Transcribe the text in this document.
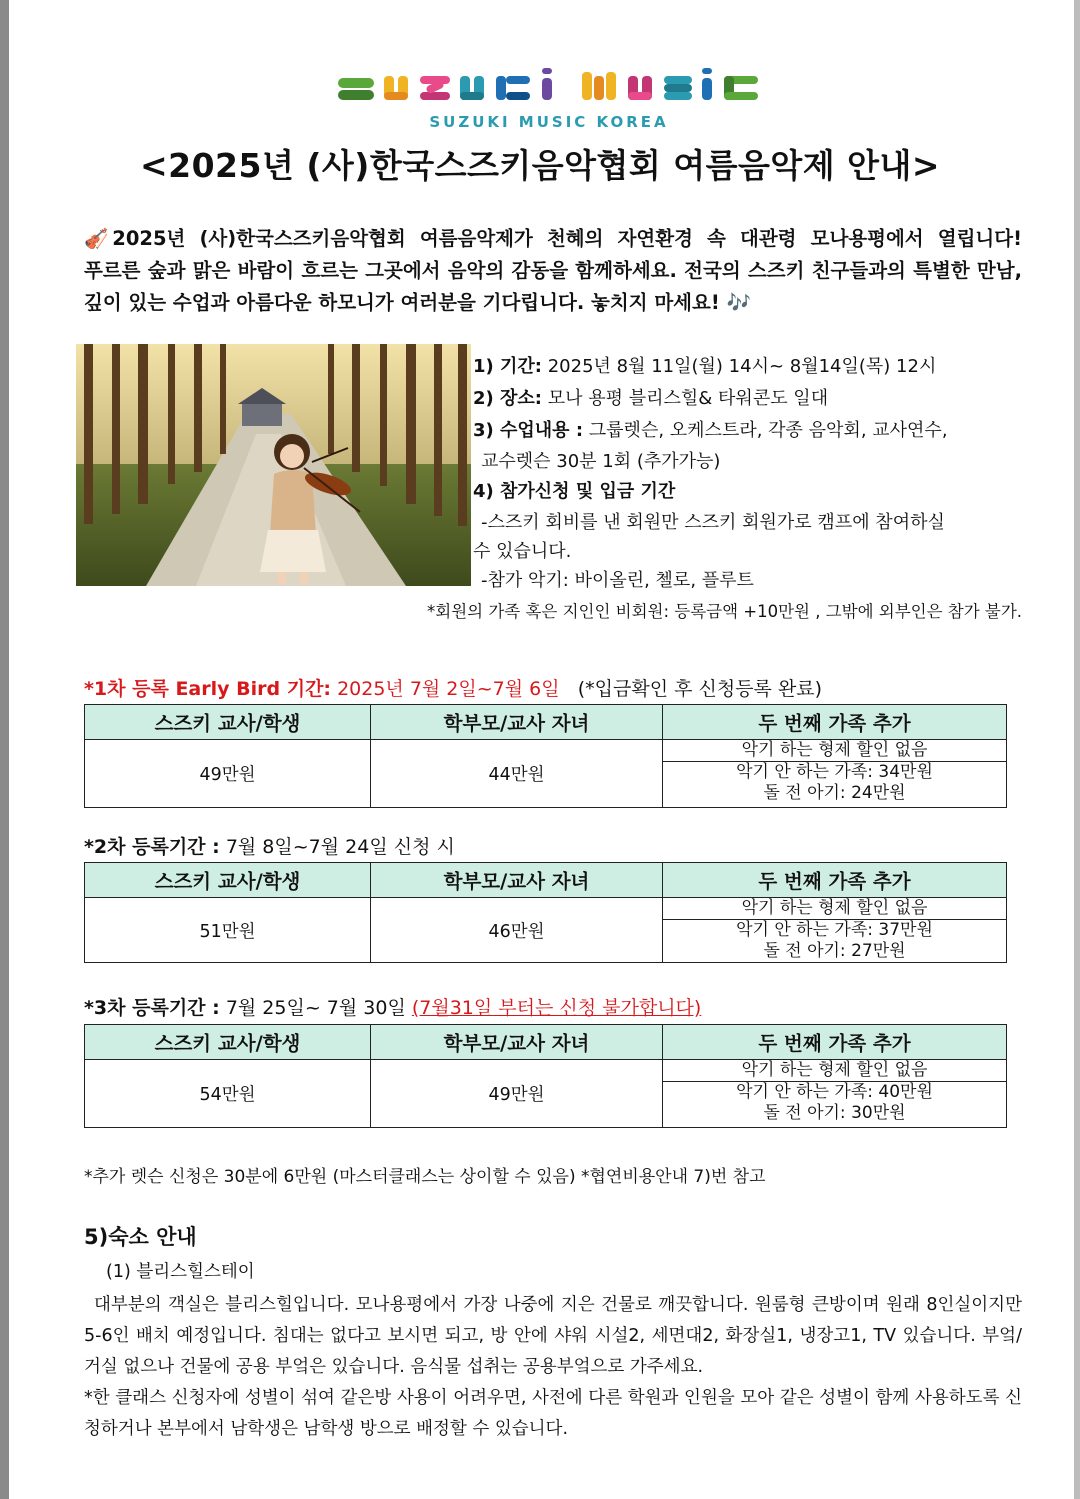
SUZUKI MUSIC KOREA
<2025년 (사)한국스즈키음악협회 여름음악제 안내>
🎻 2025년 (사)한국스즈키음악협회 여름음악제가 천혜의 자연환경 속 대관령 모나용평에서 열립니다! 푸르른 숲과 맑은 바람이 흐르는 그곳에서 음악의 감동을 함께하세요. 전국의 스즈키 친구들과의 특별한 만남, 깊이 있는 수업과 아름다운 하모니가 여러분을 기다립니다. 놓치지 마세요! 🎶
1) 기간: 2025년 8월 11일(월) 14시~ 8월14일(목) 12시
2) 장소: 모나 용평 블리스힐& 타워콘도 일대
3) 수업내용 : 그룹렛슨, 오케스트라, 각종 음악회, 교사연수,
교수렛슨 30분 1회 (추가가능)
4) 참가신청 및 입금 기간
-스즈키 회비를 낸 회원만 스즈키 회원가로 캠프에 참여하실
수 있습니다.
-참가 악기: 바이올린, 첼로, 플루트
*회원의 가족 혹은 지인인 비회원: 등록금액 +10만원 , 그밖에 외부인은 참가 불가.
*1차 등록 Early Bird 기간: 2025년 7월 2일~7월 6일 (*입금확인 후 신청등록 완료)
스즈키 교사/학생	학부모/교사 자녀	두 번째 가족 추가
49만원	44만원	악기 하는 형제 할인 없음
악기 안 하는 가족: 34만원
돌 전 아기: 24만원
*2차 등록기간 : 7월 8일~7월 24일 신청 시
스즈키 교사/학생	학부모/교사 자녀	두 번째 가족 추가
51만원	46만원	악기 하는 형제 할인 없음
악기 안 하는 가족: 37만원
돌 전 아기: 27만원
*3차 등록기간 : 7월 25일~ 7월 30일 (7월31일 부터는 신청 불가합니다)
스즈키 교사/학생	학부모/교사 자녀	두 번째 가족 추가
54만원	49만원	악기 하는 형제 할인 없음
악기 안 하는 가족: 40만원
돌 전 아기: 30만원
*추가 렛슨 신청은 30분에 6만원 (마스터클래스는 상이할 수 있음) *협연비용안내 7)번 참고
5)숙소 안내
(1) 블리스힐스테이
대부분의 객실은 블리스힐입니다. 모나용평에서 가장 나중에 지은 건물로 깨끗합니다. 원룸형 큰방이며 원래 8인실이지만 5-6인 배치 예정입니다. 침대는 없다고 보시면 되고, 방 안에 샤워 시설2, 세면대2, 화장실1, 냉장고1, TV 있습니다. 부엌/거실 없으나 건물에 공용 부엌은 있습니다. 음식물 섭취는 공용부엌으로 가주세요.
*한 클래스 신청자에 성별이 섞여 같은방 사용이 어려우면, 사전에 다른 학원과 인원을 모아 같은 성별이 함께 사용하도록 신청하거나 본부에서 남학생은 남학생 방으로 배정할 수 있습니다.
